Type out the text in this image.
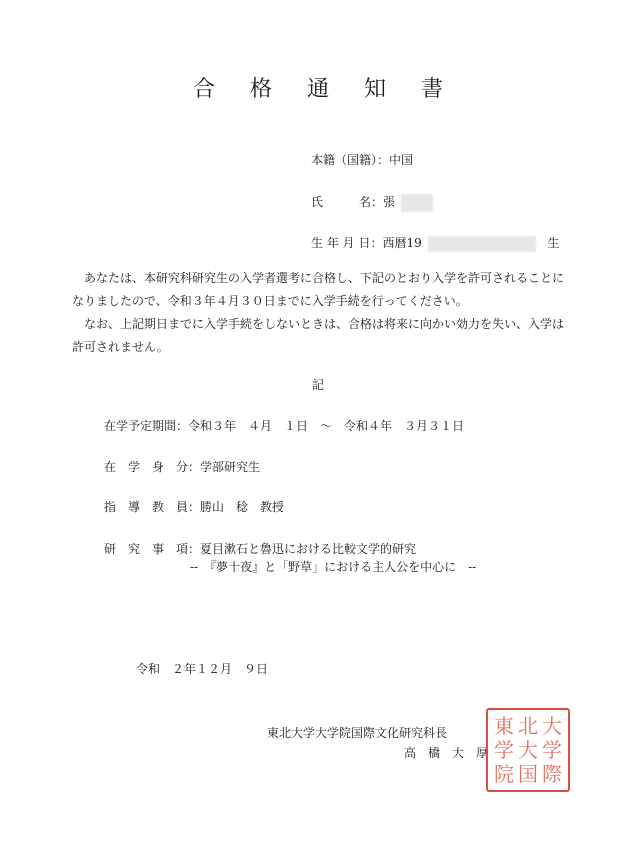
合 格 通 知 書
本籍（国籍）：中国
氏　　　名：張
生 年 月 日：西暦19	生
あなたは、本研究科研究生の入学者選考に合格し、下記のとおり入学を許可されることになりましたので、令和３年４月３０日までに入学手続を行ってください。
なお、上記期日までに入学手続をしないときは、合格は将来に向かい効力を失い、入学は許可されません。
記
在学予定期間：令和３年　４月　１日　～　令和４年　３月３１日
在　学　身　分：学部研究生
指　導　教　員：勝山　稔　教授
研　究　事　項：夏目漱石と魯迅における比較文学的研究
--　『夢十夜』と「野草」における主人公を中心に　--
令和　２年１２月　９日
東北大学大学院国際文化研究科長
高　橋　大　厚
東 北 大
学 大 学
院 国 際
